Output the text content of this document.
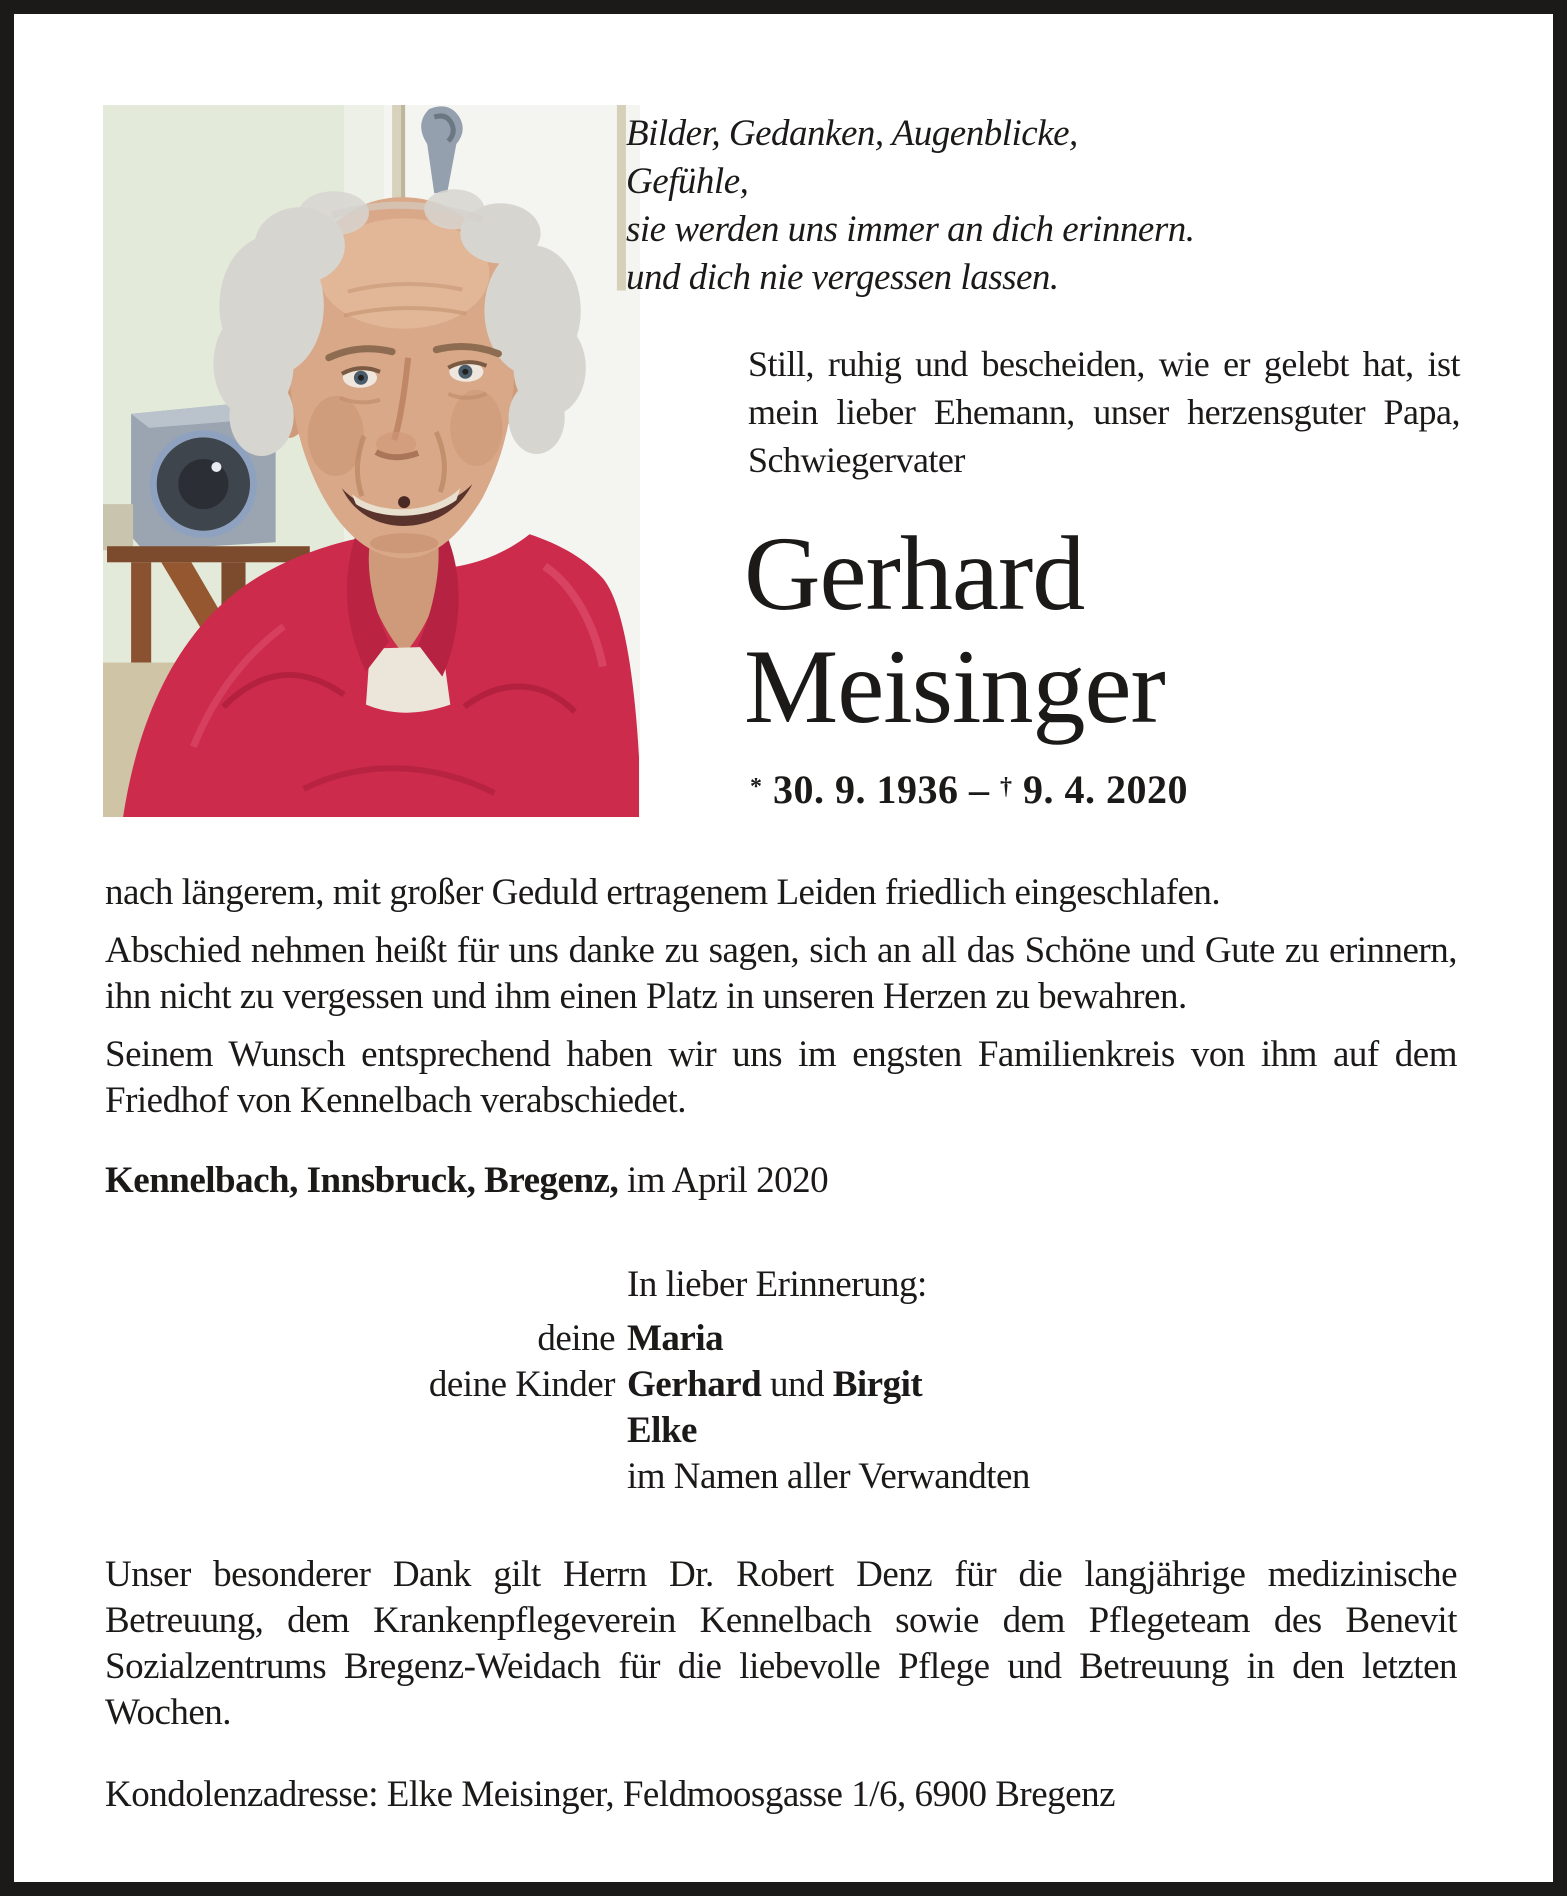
Bilder, Gedanken, Augenblicke, Gefühle,
sie werden uns immer an dich erinnern.
und dich nie vergessen lassen.
Still, ruhig und bescheiden, wie er gelebt hat, ist mein lieber Ehemann, unser herzensguter Papa, Schwiegervater
Gerhard
Meisinger
* 30. 9. 1936 – † 9. 4. 2020

nach längerem, mit großer Geduld ertragenem Leiden friedlich eingeschlafen.

Abschied nehmen heißt für uns danke zu sagen, sich an all das Schöne und Gute zu erinnern, ihn nicht zu vergessen und ihm einen Platz in unseren Herzen zu bewahren.

Seinem Wunsch entsprechend haben wir uns im engsten Familienkreis von ihm auf dem Friedhof von Kennelbach verabschiedet.

Kennelbach, Innsbruck, Bregenz, im April 2020

In lieber Erinnerung:
deine Maria
deine Kinder Gerhard und Birgit
Elke
im Namen aller Verwandten
Unser besonderer Dank gilt Herrn Dr. Robert Denz für die langjährige medizinische Betreuung, dem Krankenpflegeverein Kennelbach sowie dem Pflegeteam des Benevit Sozialzentrums Bregenz-Weidach für die liebevolle Pflege und Betreuung in den letzten Wochen.
Kondolenzadresse: Elke Meisinger, Feldmoosgasse 1/6, 6900 Bregenz
